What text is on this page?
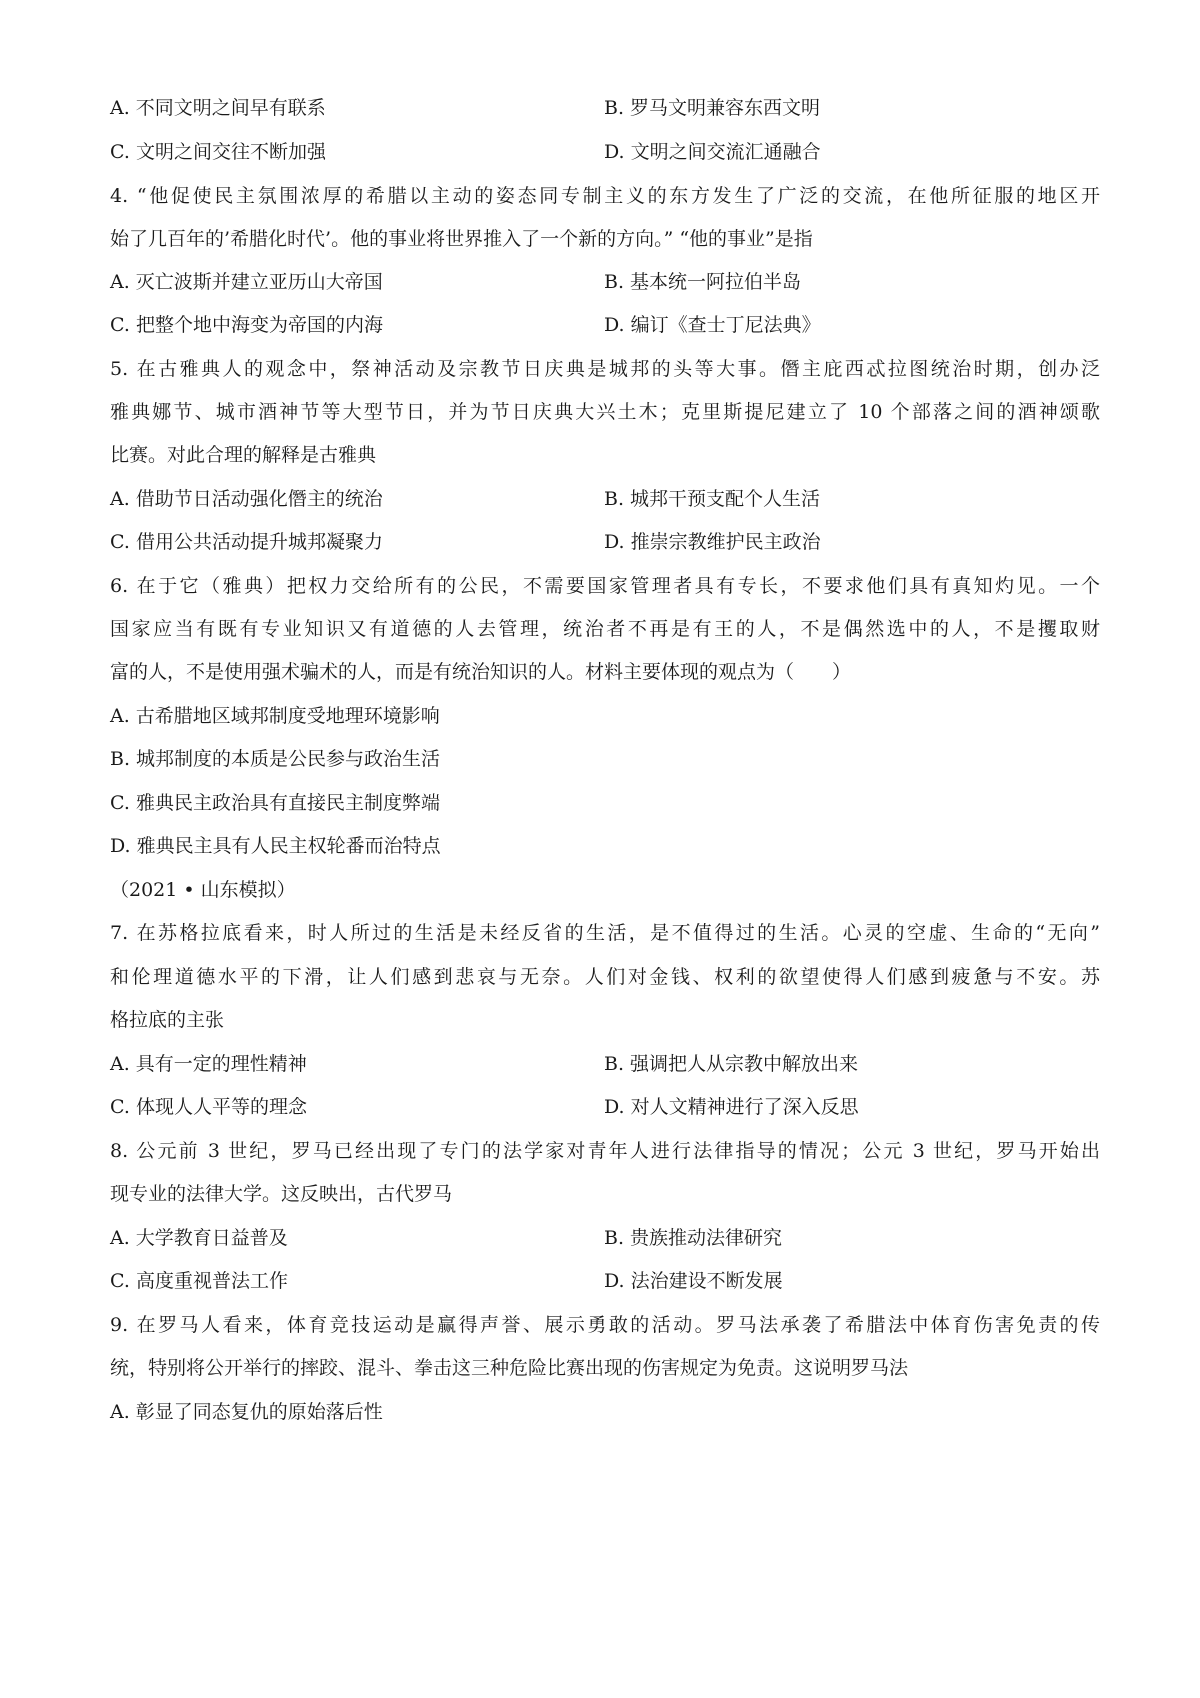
A. 不同文明之间早有联系	B. 罗马文明兼容东西文明
C. 文明之间交往不断加强	D. 文明之间交流汇通融合
4. “他促使民主氛围浓厚的希腊以主动的姿态同专制主义的东方发生了广泛的交流，在他所征服的地区开
始了几百年的’希腊化时代’。他的事业将世界推入了一个新的方向。” “他的事业”是指
A. 灭亡波斯并建立亚历山大帝国	B. 基本统一阿拉伯半岛
C. 把整个地中海变为帝国的内海	D. 编订《查士丁尼法典》
5. 在古雅典人的观念中，祭神活动及宗教节日庆典是城邦的头等大事。僭主庇西忒拉图统治时期，创办泛
雅典娜节、城市酒神节等大型节日，并为节日庆典大兴土木；克里斯提尼建立了 10 个部落之间的酒神颂歌
比赛。对此合理的解释是古雅典
A. 借助节日活动强化僭主的统治	B. 城邦干预支配个人生活
C. 借用公共活动提升城邦凝聚力	D. 推崇宗教维护民主政治
6. 在于它（雅典）把权力交给所有的公民，不需要国家管理者具有专长，不要求他们具有真知灼见。一个
国家应当有既有专业知识又有道德的人去管理，统治者不再是有王的人，不是偶然选中的人，不是攫取财
富的人，不是使用强术骗术的人，而是有统治知识的人。材料主要体现的观点为（　　）
A. 古希腊地区域邦制度受地理环境影响
B. 城邦制度的本质是公民参与政治生活
C. 雅典民主政治具有直接民主制度弊端
D. 雅典民主具有人民主权轮番而治特点
（2021 • 山东模拟）
7. 在苏格拉底看来，时人所过的生活是未经反省的生活，是不值得过的生活。心灵的空虚、生命的“无向”
和伦理道德水平的下滑，让人们感到悲哀与无奈。人们对金钱、权利的欲望使得人们感到疲惫与不安。苏
格拉底的主张
A. 具有一定的理性精神	B. 强调把人从宗教中解放出来
C. 体现人人平等的理念	D. 对人文精神进行了深入反思
8. 公元前 3 世纪，罗马已经出现了专门的法学家对青年人进行法律指导的情况；公元 3 世纪，罗马开始出
现专业的法律大学。这反映出，古代罗马
A. 大学教育日益普及	B. 贵族推动法律研究
C. 高度重视普法工作	D. 法治建设不断发展
9. 在罗马人看来，体育竞技运动是赢得声誉、展示勇敢的活动。罗马法承袭了希腊法中体育伤害免责的传
统，特别将公开举行的摔跤、混斗、拳击这三种危险比赛出现的伤害规定为免责。这说明罗马法
A. 彰显了同态复仇的原始落后性
